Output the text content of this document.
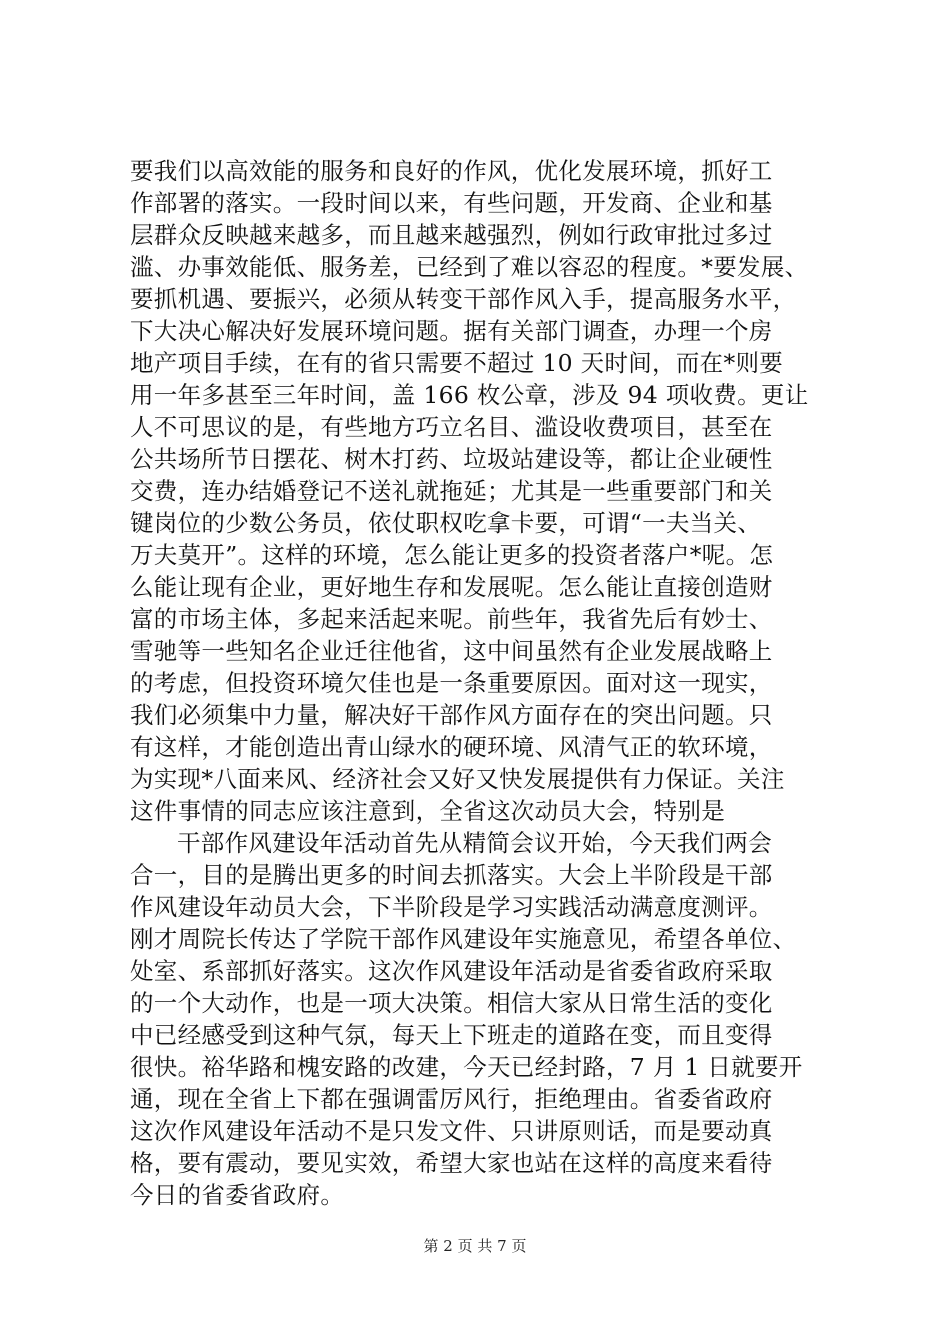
要我们以高效能的服务和良好的作风，优化发展环境，抓好工
作部署的落实。一段时间以来，有些问题，开发商、企业和基
层群众反映越来越多，而且越来越强烈，例如行政审批过多过
滥、办事效能低、服务差，已经到了难以容忍的程度。*要发展、
要抓机遇、要振兴，必须从转变干部作风入手，提高服务水平，
下大决心解决好发展环境问题。据有关部门调查，办理一个房
地产项目手续，在有的省只需要不超过 10 天时间，而在*则要
用一年多甚至三年时间，盖 166 枚公章，涉及 94 项收费。更让
人不可思议的是，有些地方巧立名目、滥设收费项目，甚至在
公共场所节日摆花、树木打药、垃圾站建设等，都让企业硬性
交费，连办结婚登记不送礼就拖延；尤其是一些重要部门和关
键岗位的少数公务员，依仗职权吃拿卡要，可谓“一夫当关、
万夫莫开”。这样的环境，怎么能让更多的投资者落户*呢。怎
么能让现有企业，更好地生存和发展呢。怎么能让直接创造财
富的市场主体，多起来活起来呢。前些年，我省先后有妙士、
雪驰等一些知名企业迁往他省，这中间虽然有企业发展战略上
的考虑，但投资环境欠佳也是一条重要原因。面对这一现实，
我们必须集中力量，解决好干部作风方面存在的突出问题。只
有这样，才能创造出青山绿水的硬环境、风清气正的软环境，
为实现*八面来风、经济社会又好又快发展提供有力保证。关注
这件事情的同志应该注意到，全省这次动员大会，特别是
干部作风建设年活动首先从精简会议开始，今天我们两会
合一，目的是腾出更多的时间去抓落实。大会上半阶段是干部
作风建设年动员大会，下半阶段是学习实践活动满意度测评。
刚才周院长传达了学院干部作风建设年实施意见，希望各单位、
处室、系部抓好落实。这次作风建设年活动是省委省政府采取
的一个大动作，也是一项大决策。相信大家从日常生活的变化
中已经感受到这种气氛，每天上下班走的道路在变，而且变得
很快。裕华路和槐安路的改建，今天已经封路，7 月 1 日就要开
通，现在全省上下都在强调雷厉风行，拒绝理由。省委省政府
这次作风建设年活动不是只发文件、只讲原则话，而是要动真
格，要有震动，要见实效，希望大家也站在这样的高度来看待
今日的省委省政府。
第 2 页 共 7 页
